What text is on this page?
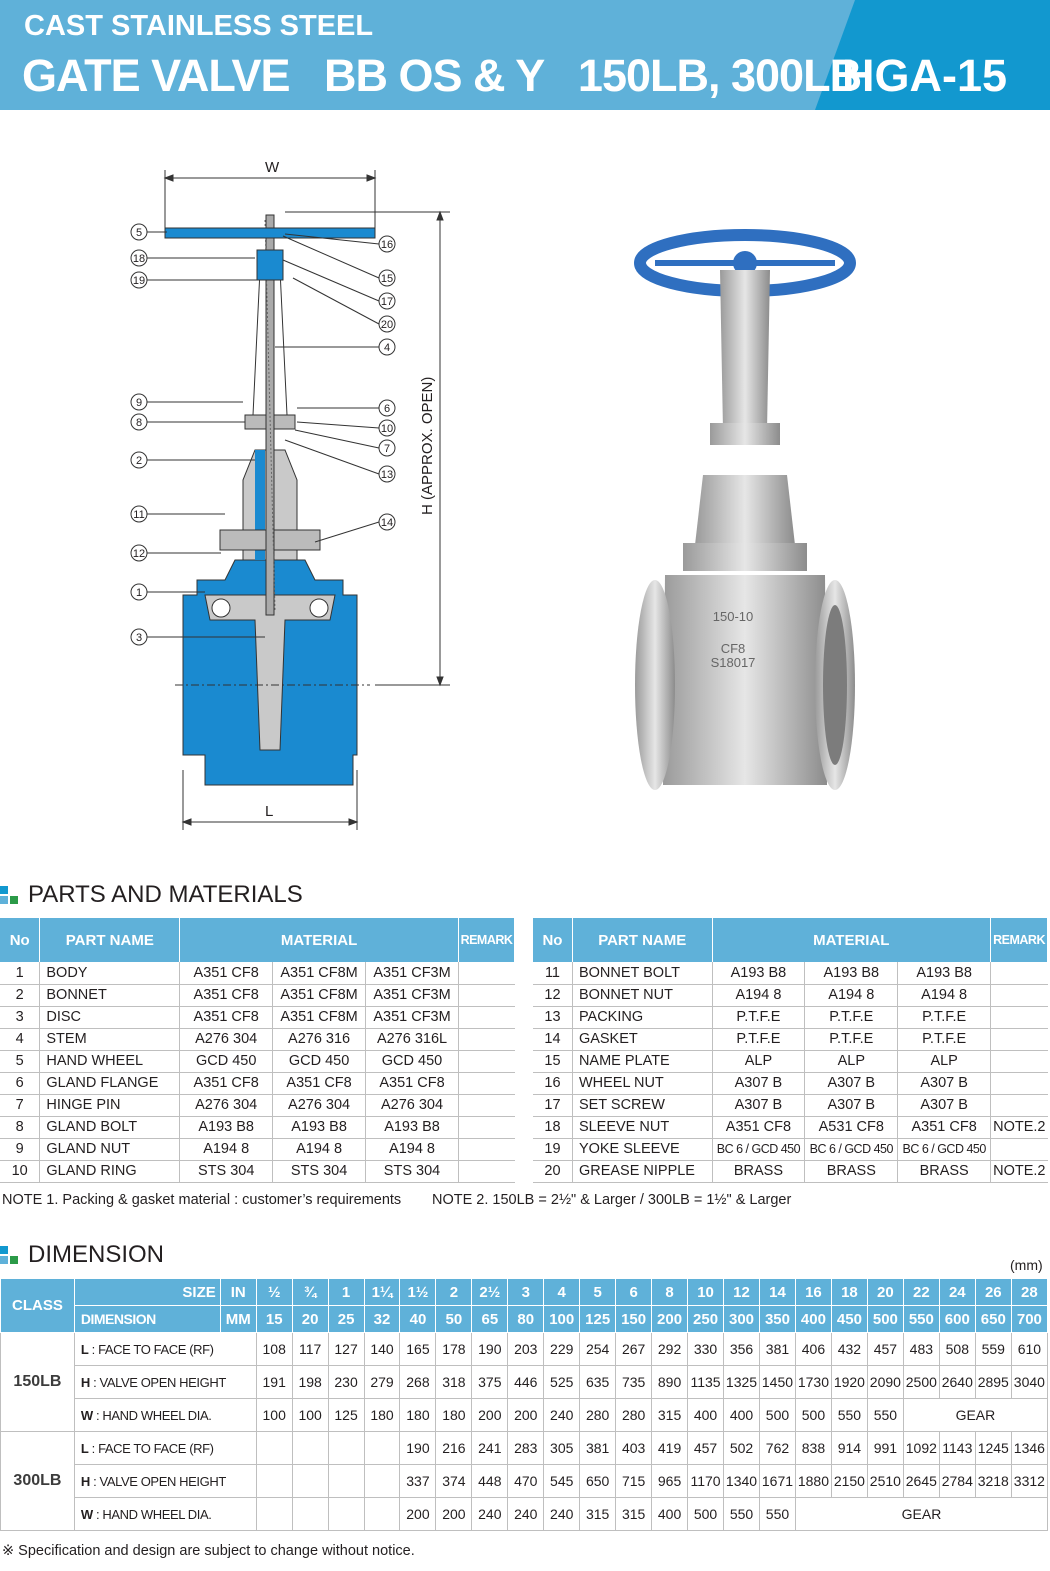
CAST STAINLESS STEEL
GATE VALVE   BB OS & Y   150LB, 300LB
HGA-15
5
18
19
9
8
2
11
12
1
3
16
15
17
20
4
6
10
7
13
14
W
L
H (APPROX. OPEN)
150-10
CF8
S18017
PARTS AND MATERIALS
No	PART NAME	MATERIAL			REMARK
1	BODY	A351 CF8	A351 CF8M	A351 CF3M	
2	BONNET	A351 CF8	A351 CF8M	A351 CF3M	
3	DISC	A351 CF8	A351 CF8M	A351 CF3M	
4	STEM	A276 304	A276 316	A276 316L	
5	HAND WHEEL	GCD 450	GCD 450	GCD 450	
6	GLAND FLANGE	A351 CF8	A351 CF8	A351 CF8	
7	HINGE PIN	A276 304	A276 304	A276 304	
8	GLAND BOLT	A193 B8	A193 B8	A193 B8	
9	GLAND NUT	A194 8	A194 8	A194 8	
10	GLAND RING	STS 304	STS 304	STS 304	
No	PART NAME	MATERIAL			REMARK
11	BONNET BOLT	A193 B8	A193 B8	A193 B8	
12	BONNET NUT	A194 8	A194 8	A194 8	
13	PACKING	P.T.F.E	P.T.F.E	P.T.F.E	
14	GASKET	P.T.F.E	P.T.F.E	P.T.F.E	
15	NAME PLATE	ALP	ALP	ALP	
16	WHEEL NUT	A307 B	A307 B	A307 B	
17	SET SCREW	A307 B	A307 B	A307 B	
18	SLEEVE NUT	A351 CF8	A531 CF8	A351 CF8	NOTE.2
19	YOKE SLEEVE	BC 6 / GCD 450	BC 6 / GCD 450	BC 6 / GCD 450	
20	GREASE NIPPLE	BRASS	BRASS	BRASS	NOTE.2
NOTE 1. Packing & gasket material : customer’s requirements NOTE 2. 150LB = 2½" & Larger / 300LB = 1½" & Larger
DIMENSION	(mm)
CLASS	SIZE	IN	½	¾	1	1¼	1½	2	2½	3	4	5	6	8	10	12	14	16	18	20	22	24	26	28
	DIMENSION	MM	15	20	25	32	40	50	65	80	100	125	150	200	250	300	350	400	450	500	550	600	650	700
150LB	L : FACE TO FACE (RF)		108	117	127	140	165	178	190	203	229	254	267	292	330	356	381	406	432	457	483	508	559	610
	H : VALVE OPEN HEIGHT		191	198	230	279	268	318	375	446	525	635	735	890	1135	1325	1450	1730	1920	2090	2500	2640	2895	3040
	W : HAND WHEEL DIA.		100	100	125	180	180	180	200	200	240	280	280	315	400	400	500	500	550	550	GEAR			
300LB	L : FACE TO FACE (RF)						190	216	241	283	305	381	403	419	457	502	762	838	914	991	1092	1143	1245	1346
	H : VALVE OPEN HEIGHT						337	374	448	470	545	650	715	965	1170	1340	1671	1880	2150	2510	2645	2784	3218	3312
	W : HAND WHEEL DIA.						200	200	240	240	240	315	315	400	500	550	550	GEAR						
※ Specification and design are subject to change without notice.
